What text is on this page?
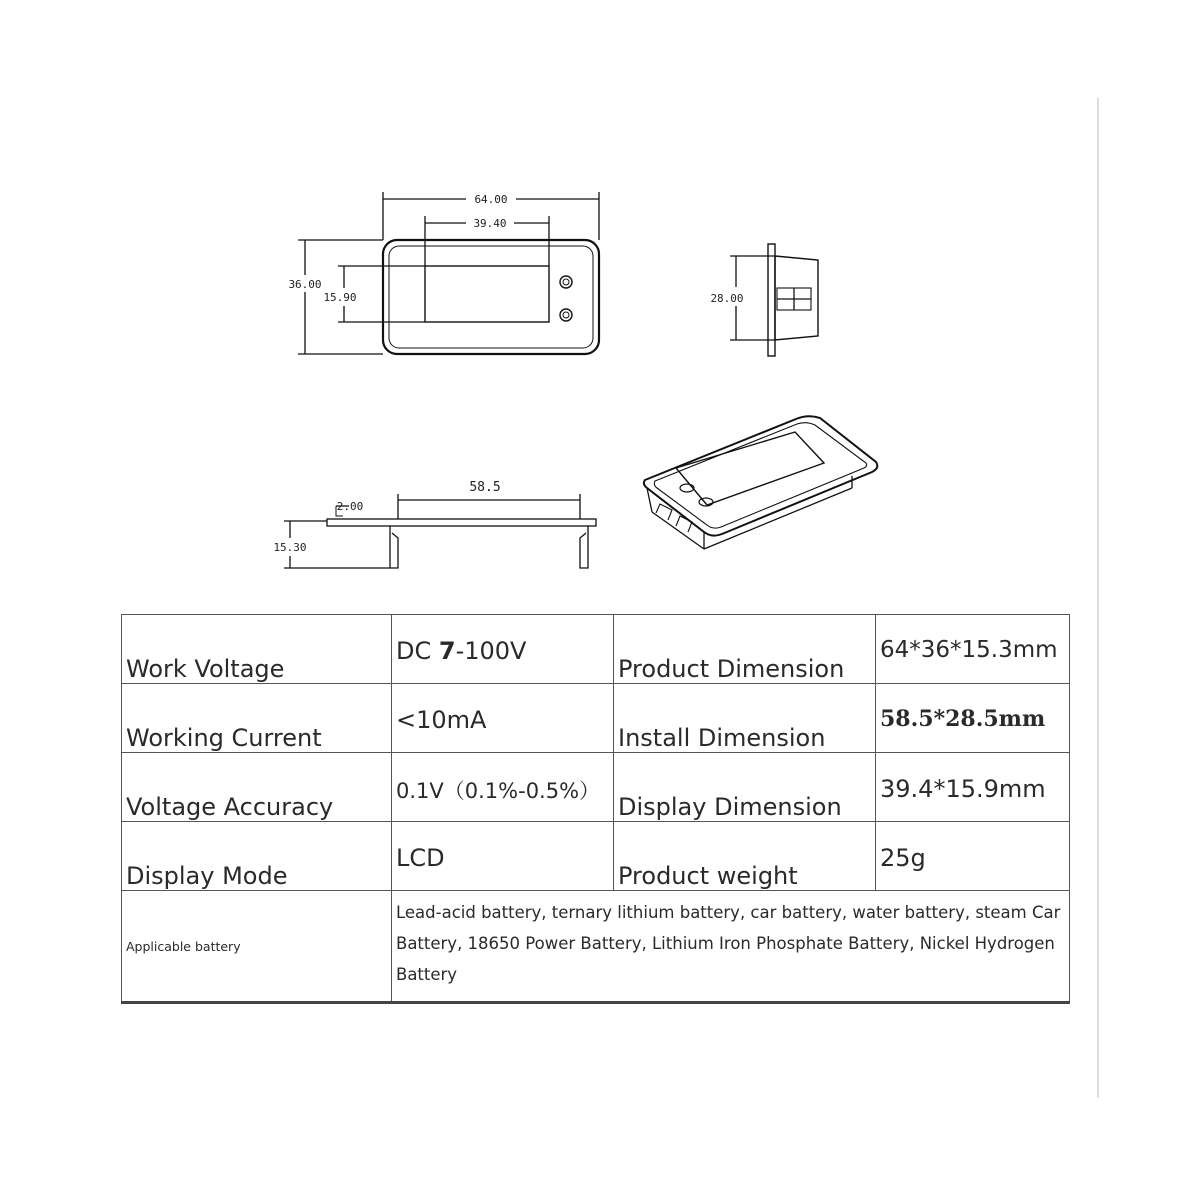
64.00
39.40
36.00
15.90	28.00
58.5
2.00
15.30
Work Voltage	DC 7-100V	Product Dimension	64*36*15.3mm

Working Current	<10mA	Install Dimension	58.5*28.5mm

Voltage Accuracy	0.1V（0.1%-0.5%）	Display Dimension	39.4*15.9mm

Display Mode	LCD	Product weight	25g

Applicable battery	Lead-acid battery, ternary lithium battery, car battery, water battery, steam Car Battery, 18650 Power Battery, Lithium Iron Phosphate Battery, Nickel Hydrogen Battery		
